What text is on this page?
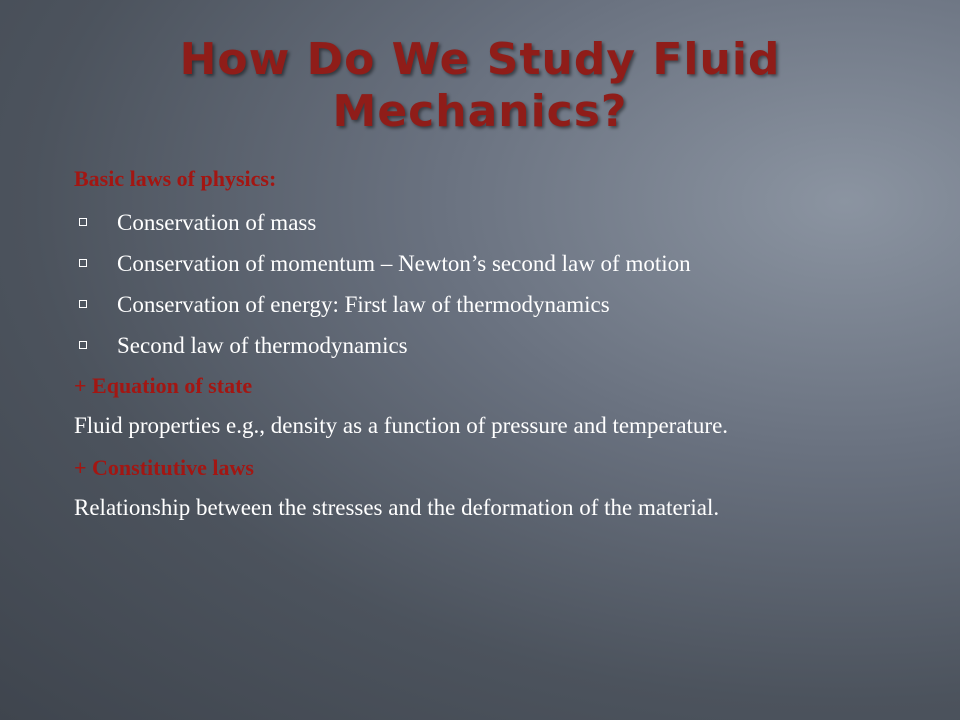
How Do We Study Fluid
Mechanics?

Basic laws of physics:

Conservation of mass
Conservation of momentum – Newton’s second law of motion
Conservation of energy: First law of thermodynamics
Second law of thermodynamics

+ Equation of state

Fluid properties e.g., density as a function of pressure and temperature.

+ Constitutive laws

Relationship between the stresses and the deformation of the material.
